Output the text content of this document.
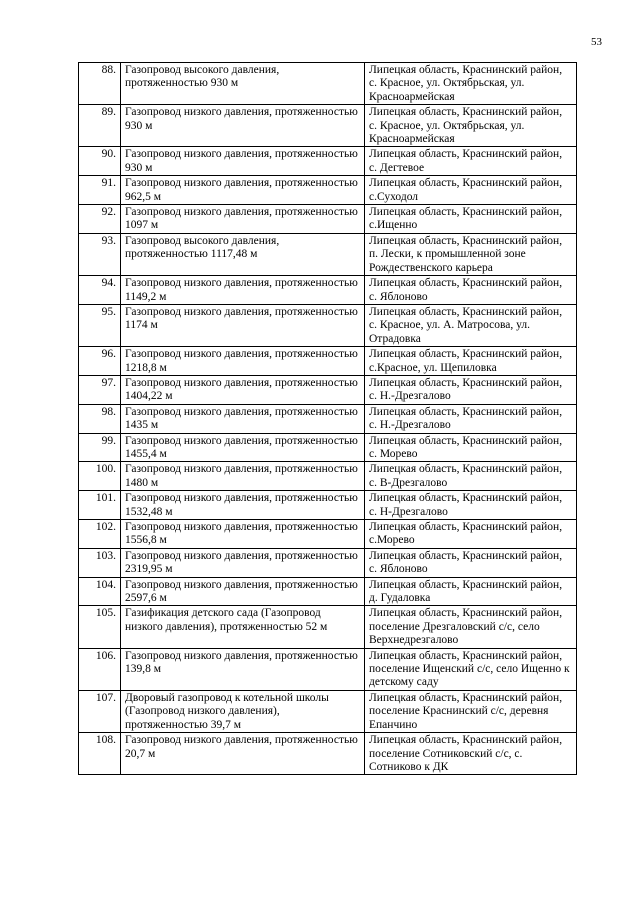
53
88.	Газопровод высокого давления, протяженностью 930 м	Липецкая область, Краснинский район, с. Красное, ул. Октябрьская, ул. Красноармейская
89.	Газопровод низкого давления, протяженностью 930 м	Липецкая область, Краснинский район, с. Красное, ул. Октябрьская, ул. Красноармейская
90.	Газопровод низкого давления, протяженностью 930 м	Липецкая область, Краснинский район, с. Дегтевое
91.	Газопровод низкого давления, протяженностью 962,5 м	Липецкая область, Краснинский район, с.Суходол
92.	Газопровод низкого давления, протяженностью 1097 м	Липецкая область, Краснинский район, с.Ищенно
93.	Газопровод высокого давления, протяженностью 1117,48 м	Липецкая область, Краснинский район, п. Лески, к промышленной зоне Рождественского карьера
94.	Газопровод низкого давления, протяженностью 1149,2 м	Липецкая область, Краснинский район, с. Яблоново
95.	Газопровод низкого давления, протяженностью 1174 м	Липецкая область, Краснинский район, с. Красное, ул. А. Матросова, ул. Отрадовка
96.	Газопровод низкого давления, протяженностью 1218,8 м	Липецкая область, Краснинский район, с.Красное, ул. Щепиловка
97.	Газопровод низкого давления, протяженностью 1404,22 м	Липецкая область, Краснинский район, с. Н.-Дрезгалово
98.	Газопровод низкого давления, протяженностью 1435 м	Липецкая область, Краснинский район, с. Н.-Дрезгалово
99.	Газопровод низкого давления, протяженностью 1455,4 м	Липецкая область, Краснинский район, с. Морево
100.	Газопровод низкого давления, протяженностью 1480 м	Липецкая область, Краснинский район, с. В-Дрезгалово
101.	Газопровод низкого давления, протяженностью 1532,48 м	Липецкая область, Краснинский район, с. Н-Дрезгалово
102.	Газопровод низкого давления, протяженностью 1556,8 м	Липецкая область, Краснинский район, с.Морево
103.	Газопровод низкого давления, протяженностью 2319,95 м	Липецкая область, Краснинский район, с. Яблоново
104.	Газопровод низкого давления, протяженностью 2597,6 м	Липецкая область, Краснинский район, д. Гудаловка
105.	Газификация детского сада (Газопровод низкого давления), протяженностью 52 м	Липецкая область, Краснинский район, поселение Дрезгаловский с/с, село Верхнедрезгалово
106.	Газопровод низкого давления, протяженностью 139,8 м	Липецкая область, Краснинский район, поселение Ищенский с/с, село Ищенно к детскому саду
107.	Дворовый газопровод к котельной школы (Газопровод низкого давления), протяженностью 39,7 м	Липецкая область, Краснинский район, поселение Краснинский с/с, деревня Епанчино
108.	Газопровод низкого давления, протяженностью 20,7 м	Липецкая область, Краснинский район, поселение Сотниковский с/с, с. Сотниково к ДК
